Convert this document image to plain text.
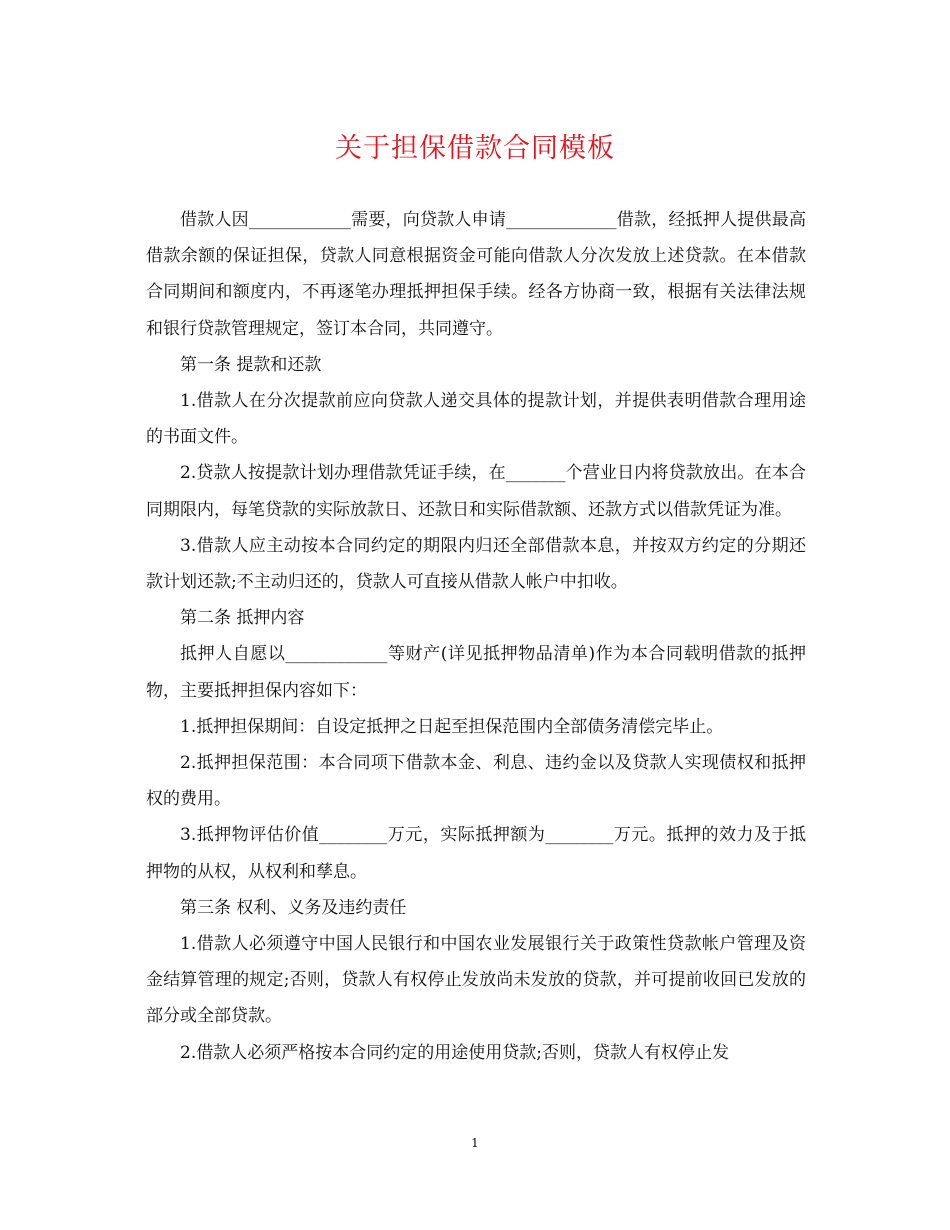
关于担保借款合同模板

借款人因____________需要，向贷款人申请_____________借款，经抵押人提供最高借款余额的保证担保，贷款人同意根据资金可能向借款人分次发放上述贷款。在本借款合同期间和额度内，不再逐笔办理抵押担保手续。经各方协商一致，根据有关法律法规和银行贷款管理规定，签订本合同，共同遵守。

第一条 提款和还款

1.借款人在分次提款前应向贷款人递交具体的提款计划，并提供表明借款合理用途的书面文件。

2.贷款人按提款计划办理借款凭证手续，在_______个营业日内将贷款放出。在本合同期限内，每笔贷款的实际放款日、还款日和实际借款额、还款方式以借款凭证为准。

3.借款人应主动按本合同约定的期限内归还全部借款本息，并按双方约定的分期还款计划还款;不主动归还的，贷款人可直接从借款人帐户中扣收。

第二条 抵押内容

抵押人自愿以____________等财产(详见抵押物品清单)作为本合同载明借款的抵押物，主要抵押担保内容如下：

1.抵押担保期间：自设定抵押之日起至担保范围内全部债务清偿完毕止。

2.抵押担保范围：本合同项下借款本金、利息、违约金以及贷款人实现债权和抵押权的费用。

3.抵押物评估价值________万元，实际抵押额为________万元。抵押的效力及于抵押物的从权，从权利和孳息。

第三条 权利、义务及违约责任

1.借款人必须遵守中国人民银行和中国农业发展银行关于政策性贷款帐户管理及资金结算管理的规定;否则，贷款人有权停止发放尚未发放的贷款，并可提前收回已发放的部分或全部贷款。

2.借款人必须严格按本合同约定的用途使用贷款;否则，贷款人有权停止发

1
